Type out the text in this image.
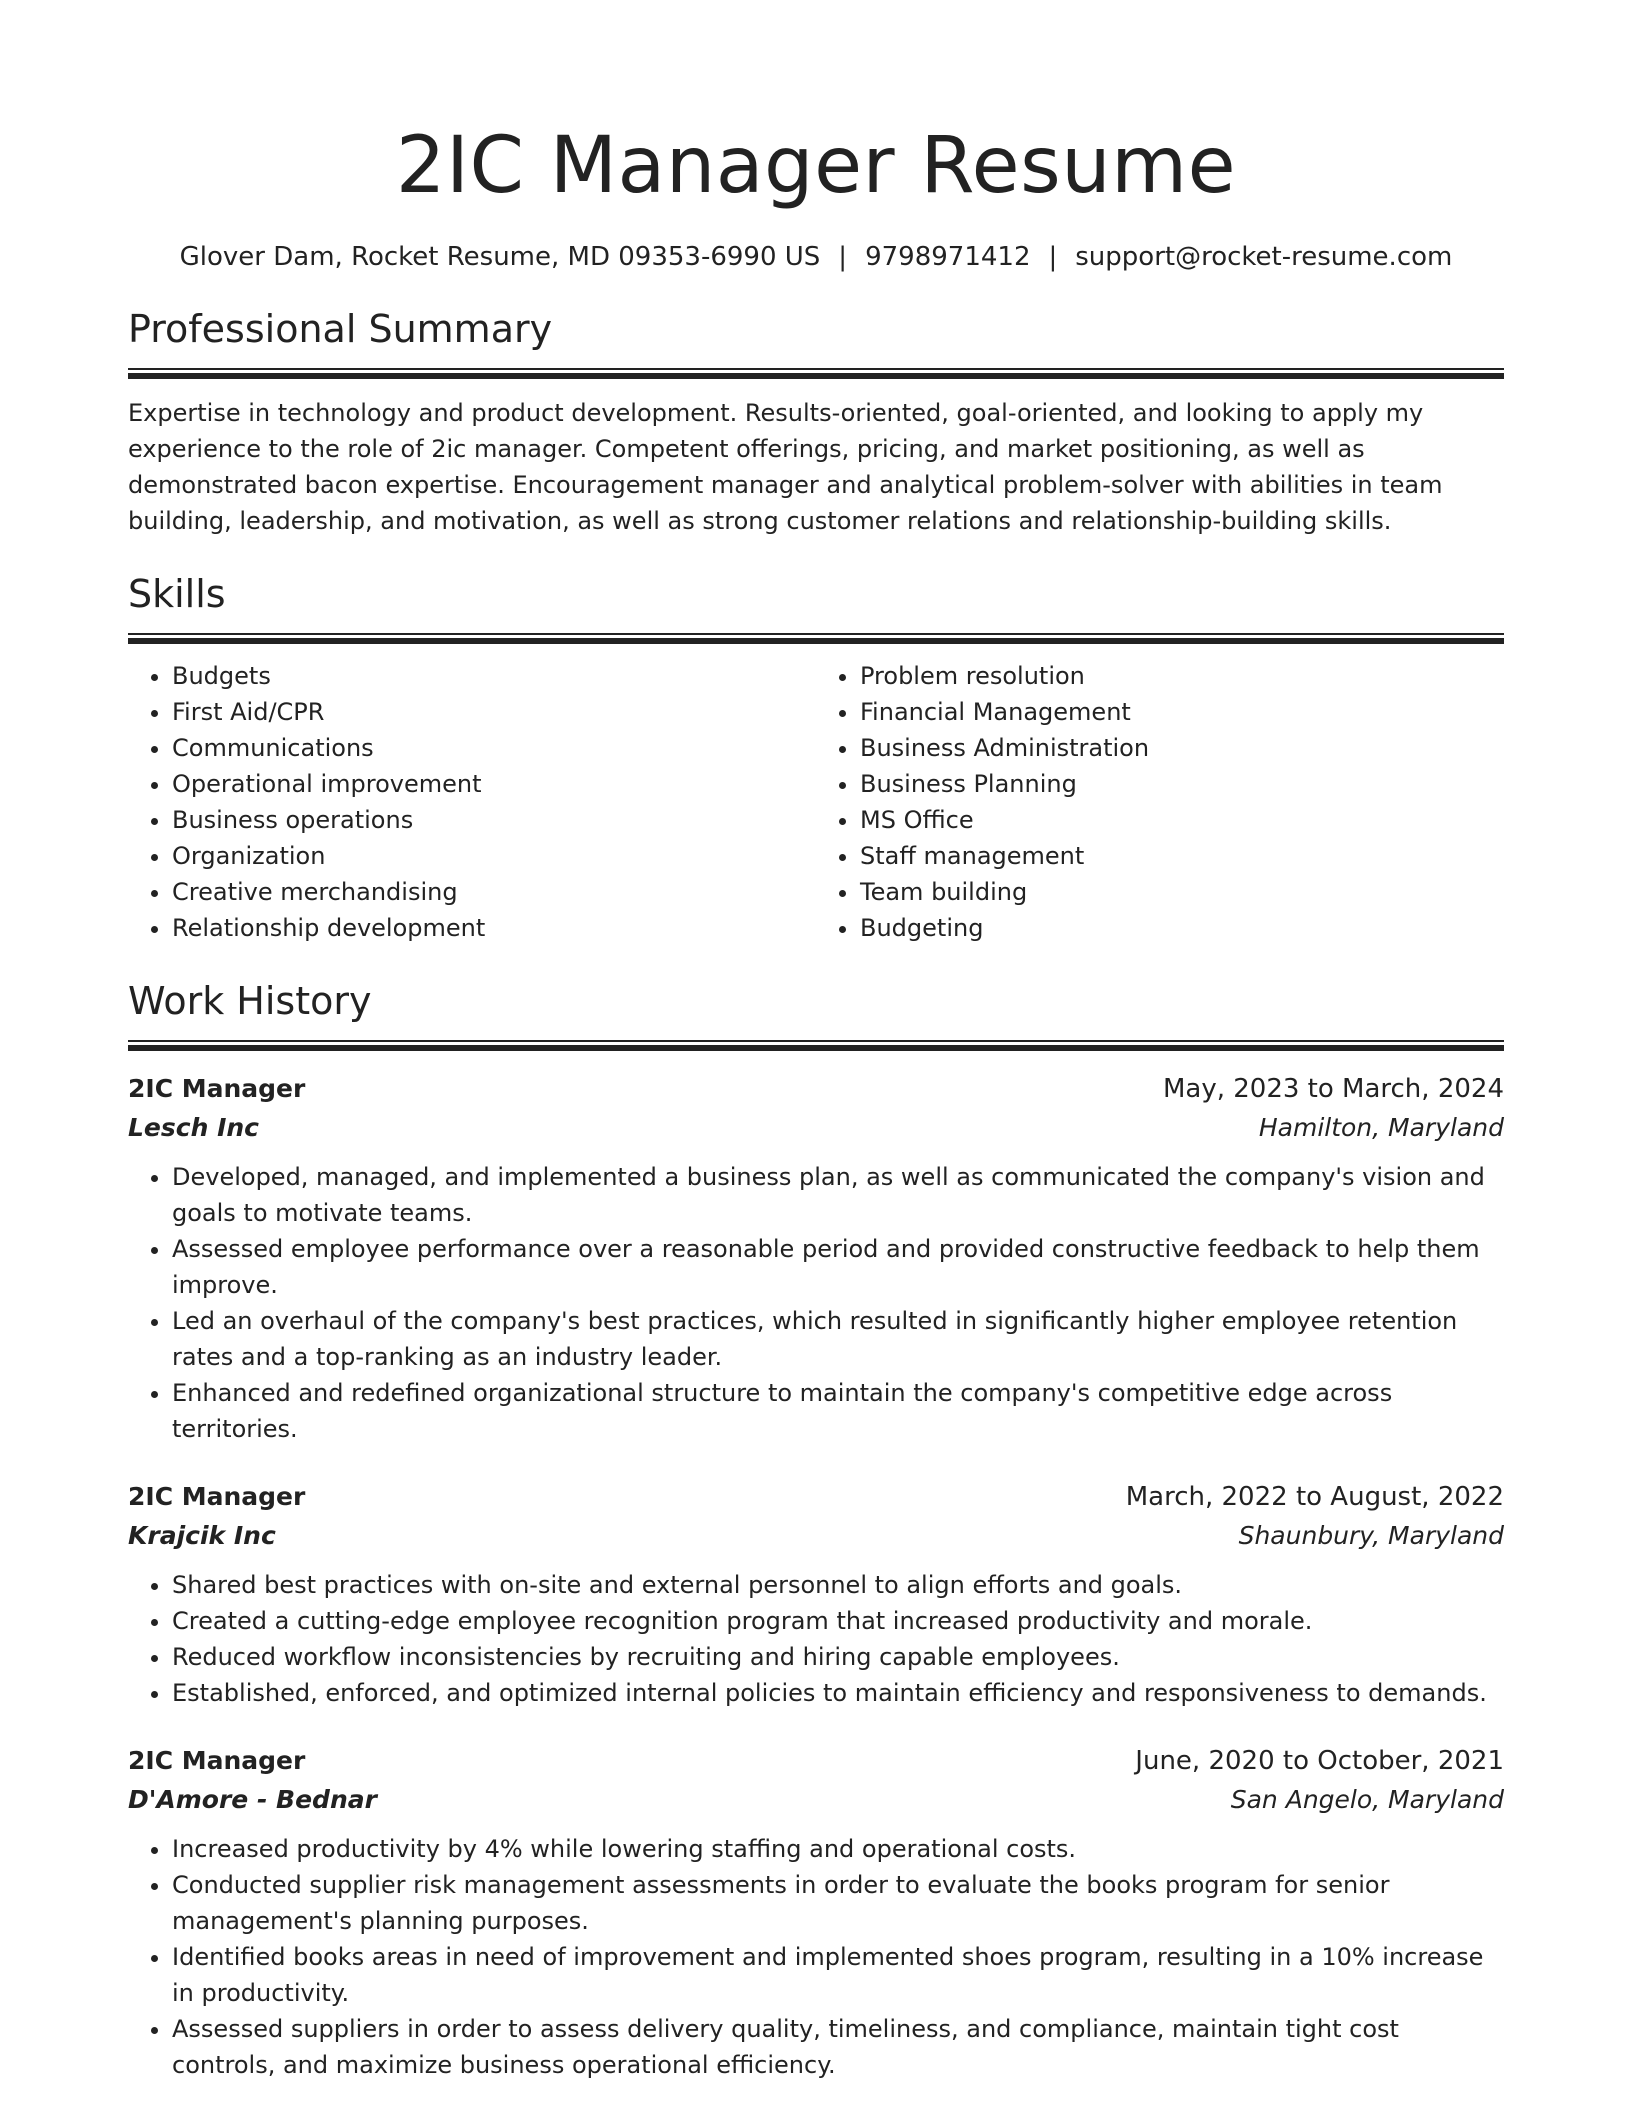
2IC Manager Resume
Glover Dam, Rocket Resume, MD 09353-6990 US | 9798971412 | support@rocket-resume.com
Professional Summary

Expertise in technology and product development. Results-oriented, goal-oriented, and looking to apply my experience to the role of 2ic manager. Competent offerings, pricing, and market positioning, as well as demonstrated bacon expertise. Encouragement manager and analytical problem-solver with abilities in team building, leadership, and motivation, as well as strong customer relations and relationship-building skills.

Skills
• Budgets
• First Aid/CPR
• Communications
• Operational improvement
• Business operations
• Organization
• Creative merchandising
• Relationship development
• Problem resolution
• Financial Management
• Business Administration
• Business Planning
• MS Office
• Staff management
• Team building
• Budgeting
Work History
2IC Manager	May, 2023 to March, 2024
Lesch Inc	Hamilton, Maryland
• Developed, managed, and implemented a business plan, as well as communicated the company's vision and goals to motivate teams.
• Assessed employee performance over a reasonable period and provided constructive feedback to help them improve.
• Led an overhaul of the company's best practices, which resulted in significantly higher employee retention rates and a top-ranking as an industry leader.
• Enhanced and redefined organizational structure to maintain the company's competitive edge across territories.
2IC Manager	March, 2022 to August, 2022
Krajcik Inc	Shaunbury, Maryland
• Shared best practices with on-site and external personnel to align efforts and goals.
• Created a cutting-edge employee recognition program that increased productivity and morale.
• Reduced workflow inconsistencies by recruiting and hiring capable employees.
• Established, enforced, and optimized internal policies to maintain efficiency and responsiveness to demands.
2IC Manager	June, 2020 to October, 2021
D'Amore - Bednar	San Angelo, Maryland
• Increased productivity by 4% while lowering staffing and operational costs.
• Conducted supplier risk management assessments in order to evaluate the books program for senior management's planning purposes.
• Identified books areas in need of improvement and implemented shoes program, resulting in a 10% increase in productivity.
• Assessed suppliers in order to assess delivery quality, timeliness, and compliance, maintain tight cost controls, and maximize business operational efficiency.
